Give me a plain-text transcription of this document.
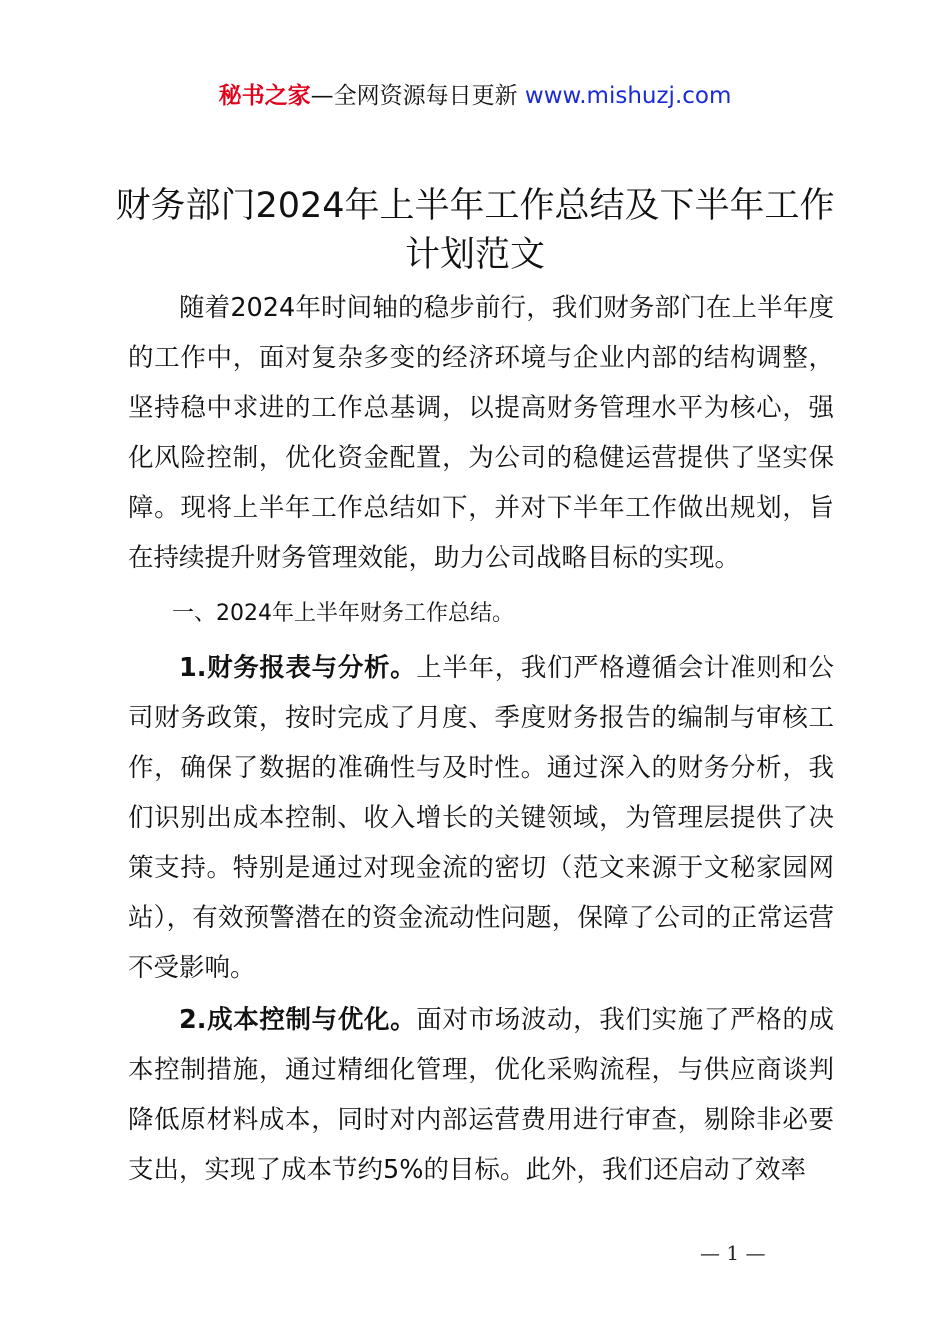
秘书之家—全网资源每日更新 www.mishuzj.com
财务部门2024年上半年工作总结及下半年工作计划范文

随着2024年时间轴的稳步前行，我们财务部门在上半年度的工作中，面对复杂多变的经济环境与企业内部的结构调整，坚持稳中求进的工作总基调，以提高财务管理水平为核心，强化风险控制，优化资金配置，为公司的稳健运营提供了坚实保障。现将上半年工作总结如下，并对下半年工作做出规划，旨在持续提升财务管理效能，助力公司战略目标的实现。

一、2024年上半年财务工作总结。

1.财务报表与分析。上半年，我们严格遵循会计准则和公司财务政策，按时完成了月度、季度财务报告的编制与审核工作，确保了数据的准确性与及时性。通过深入的财务分析，我们识别出成本控制、收入增长的关键领域，为管理层提供了决策支持。特别是通过对现金流的密切（范文来源于文秘家园网站），有效预警潜在的资金流动性问题，保障了公司的正常运营不受影响。

2.成本控制与优化。面对市场波动，我们实施了严格的成本控制措施，通过精细化管理，优化采购流程，与供应商谈判降低原材料成本，同时对内部运营费用进行审查，剔除非必要支出，实现了成本节约5%的目标。此外，我们还启动了效率

— 1 —
